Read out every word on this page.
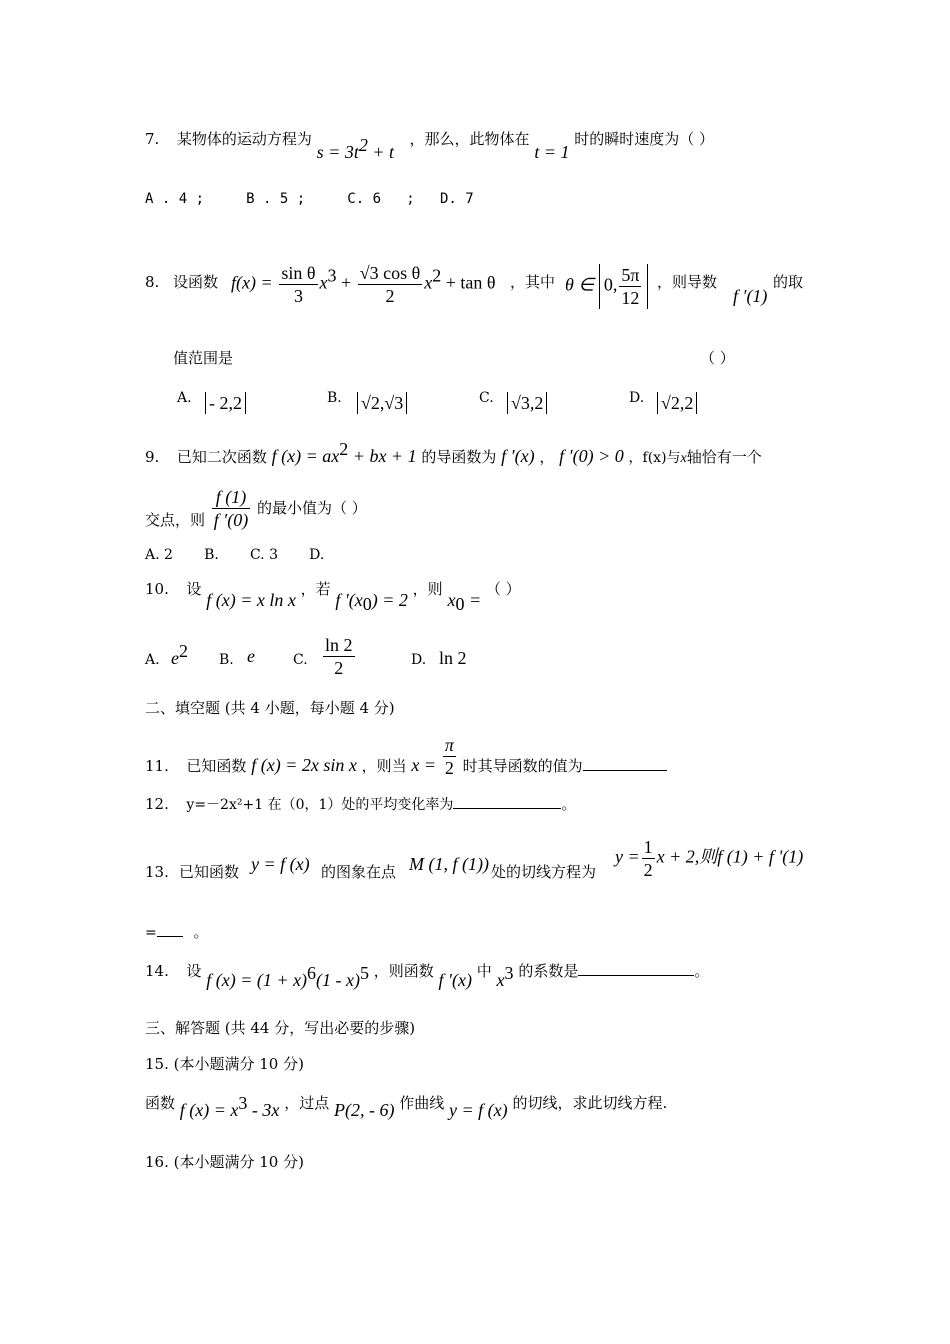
7. 某物体的运动方程为 $s = 3t^2 + t$  ，那么，此物体在 t = 1 时的瞬时速度为（ ）
A . 4 ;     B . 5 ;     C. 6   ;   D. 7
8. 设函数 $f(x) = \frac{\text{sin θ}}{3} x^3 + \frac{\text{√3 cos θ}}{2} x^2 + \tan \theta$ ，其中 θ ∈ 0, $\frac{5\pi}{12}$ ，则导数
f ′(1)
的取
值范围是	（ ）
A. - 2,2	B. √2,√3	C. √3,2	D. √2,2
9. 已知二次函数 f $(x) = ax^2$ + bx + 1 的导函数为 f ′(x) ， f ′(0) > 0 ，f(x)与x轴恰有一个
交点，则 $\frac{f (1)}{f '(0)}$ 的最小值为（ ）
A. 2       B.       C. 3       D.
10. 设 f (x) = x ln x ，若 f '$(x_0) = 2$ ，则 $x_0$ = （ ）
A. $e^2$ B. e	C. $\frac{\ln 2}{2}$	D. ln 2
二、填空题 (共 4 小题，每小题 4 分)
11. 已知函数 f (x) = 2x sin x ，则当 $x = \frac{\pi}{2}$ 时其导函数的值为
12. y=－2x²+1 在（0，1）处的平均变化率为	。
13. 已知函数 y = f (x) 的图象在点 M (1, f (1)) 处的切线方程为
$y = \frac{1}{2}$ x + 2,则f (1) + f '(1)
= 。
14. 设 f $(x) = (1 + x)^6(1 - x)^5$ ，则函数 f ′(x) 中 $x^3$ 的系数是	。
三、解答题 (共 44 分，写出必要的步骤)
15. (本小题满分 10 分)
函数 f $(x) = x^3 - 3x$ ，过点 P(2, - 6) 作曲线 y = f (x) 的切线，求此切线方程.
16. (本小题满分 10 分)
